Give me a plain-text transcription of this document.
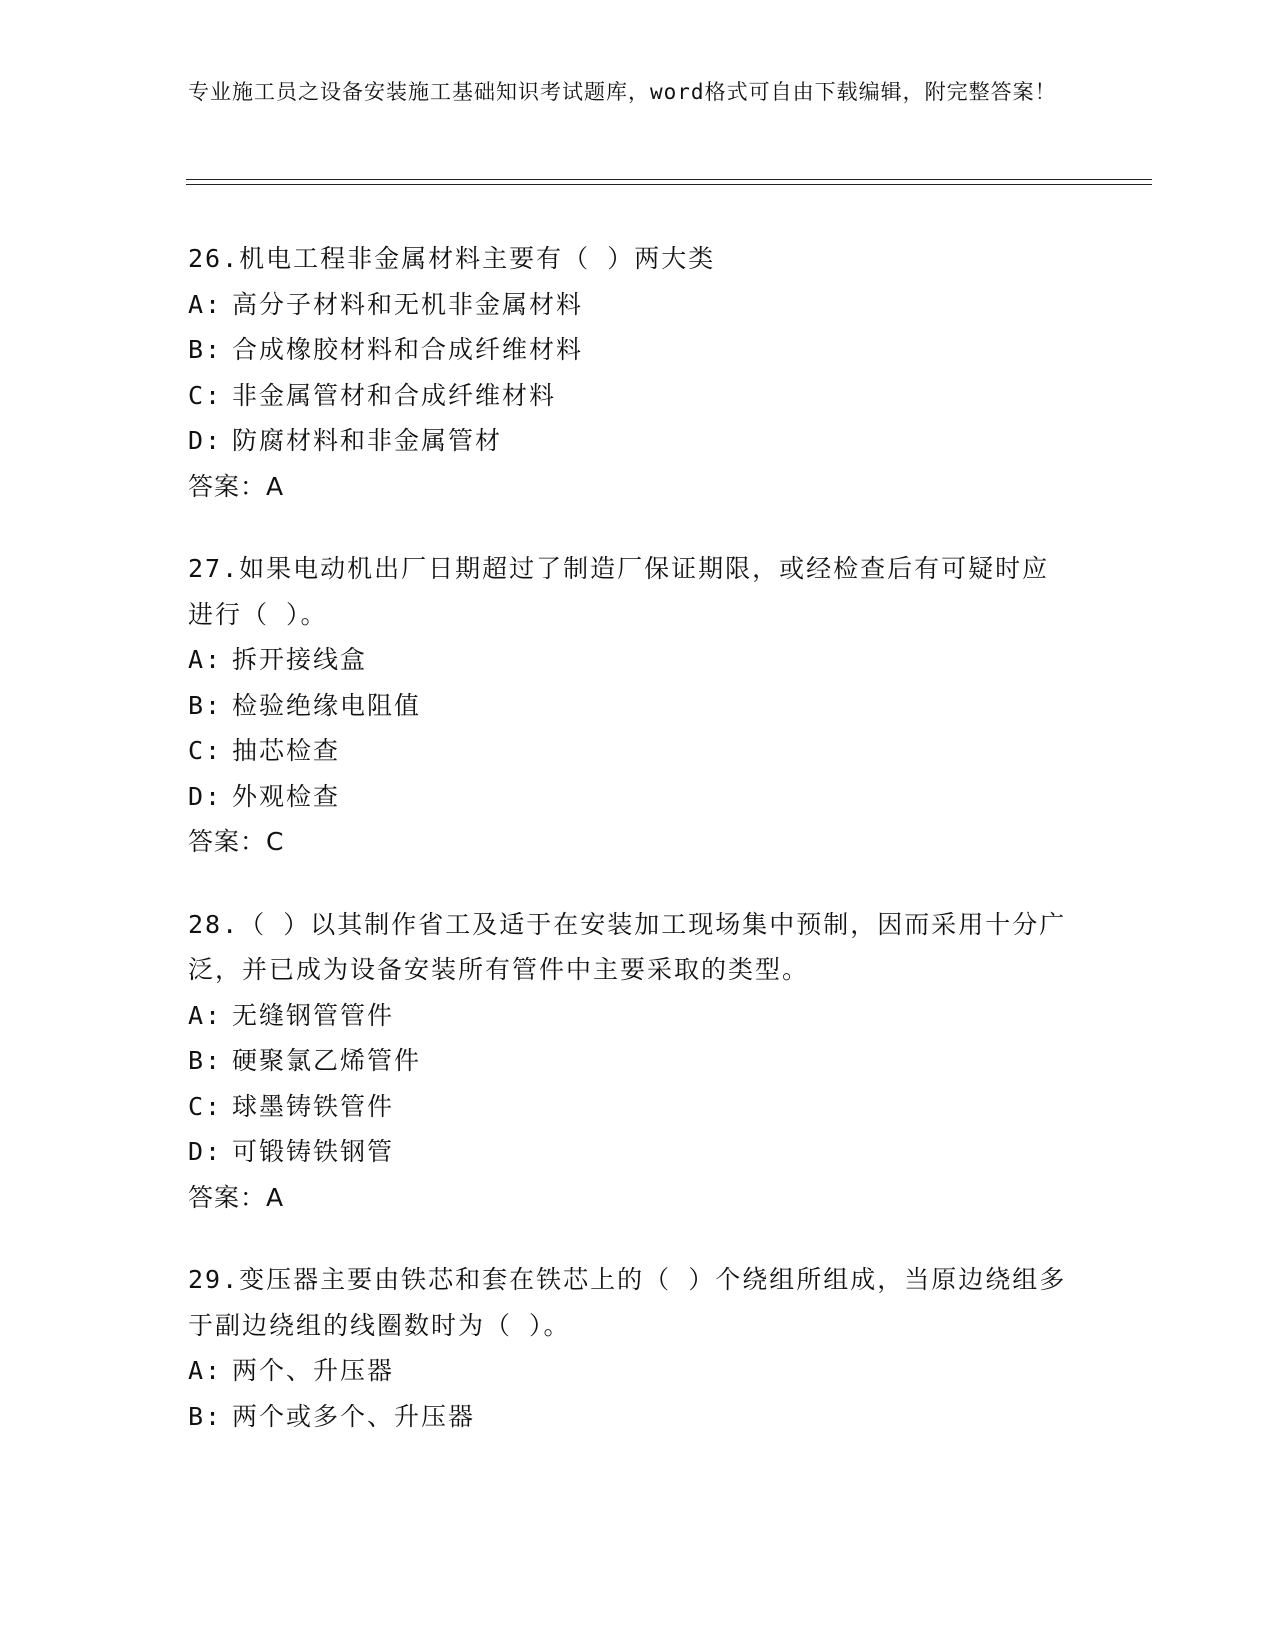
专业施工员之设备安装施工基础知识考试题库，word格式可自由下载编辑，附完整答案！
26.机电工程非金属材料主要有（ ）两大类
A: 高分子材料和无机非金属材料
B: 合成橡胶材料和合成纤维材料
C: 非金属管材和合成纤维材料
D: 防腐材料和非金属管材
答案：A
27.如果电动机出厂日期超过了制造厂保证期限，或经检查后有可疑时应进行（ ）。
A: 拆开接线盒
B: 检验绝缘电阻值
C: 抽芯检查
D: 外观检查
答案：C
28.（ ）以其制作省工及适于在安装加工现场集中预制，因而采用十分广泛，并已成为设备安装所有管件中主要采取的类型。
A: 无缝钢管管件
B: 硬聚氯乙烯管件
C: 球墨铸铁管件
D: 可锻铸铁钢管
答案：A
29.变压器主要由铁芯和套在铁芯上的（ ）个绕组所组成，当原边绕组多于副边绕组的线圈数时为（ ）。
A: 两个、升压器
B: 两个或多个、升压器
